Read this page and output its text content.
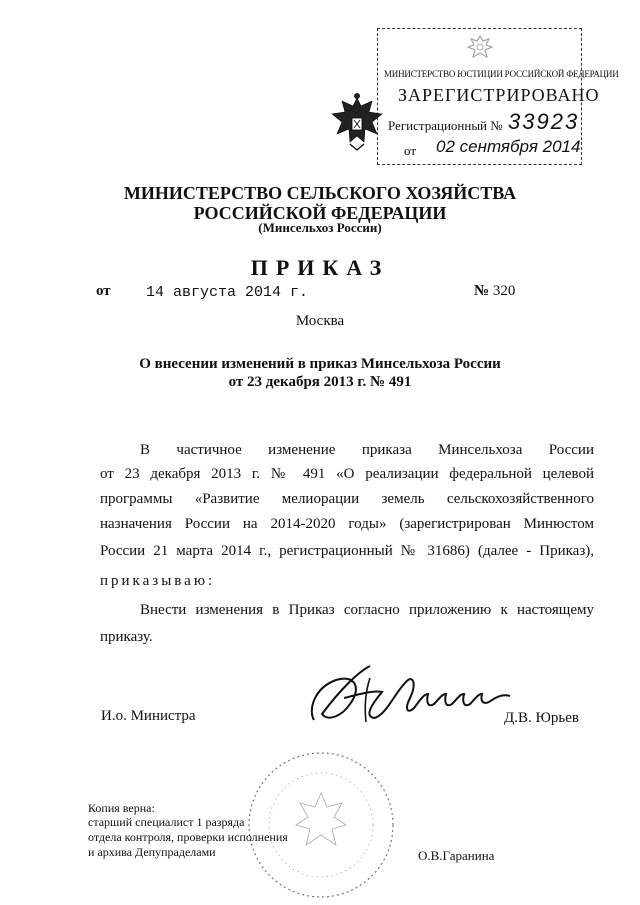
МИНИСТЕРСТВО ЮСТИЦИИ РОССИЙСКОЙ ФЕДЕРАЦИИ
ЗАРЕГИСТРИРОВАНО
Регистрационный № 33923
от 02 сентября 2014
МИНИСТЕРСТВО СЕЛЬСКОГО ХОЗЯЙСТВА
РОССИЙСКОЙ ФЕДЕРАЦИИ
(Минсельхоз России)
ПРИКАЗ
от 14 августа 2014 г.	№ 320
Москва
О внесении изменений в приказ Минсельхоза России
от 23 декабря 2013 г. № 491
В частичное изменение приказа Минсельхоза России
от 23 декабря 2013 г. № 491 «О реализации федеральной целевой
программы «Развитие мелиорации земель сельскохозяйственного
назначения России на 2014-2020 годы» (зарегистрирован Минюстом
России 21 марта 2014 г., регистрационный № 31686) (далее - Приказ),
приказываю:
Внести изменения в Приказ согласно приложению к настоящему
приказу.
И.о. Министра	Д.В. Юрьев
Копия верна:
старший специалист 1 разряда
отдела контроля, проверки исполнения
и архива Депупраделами	О.В.Гаранина
